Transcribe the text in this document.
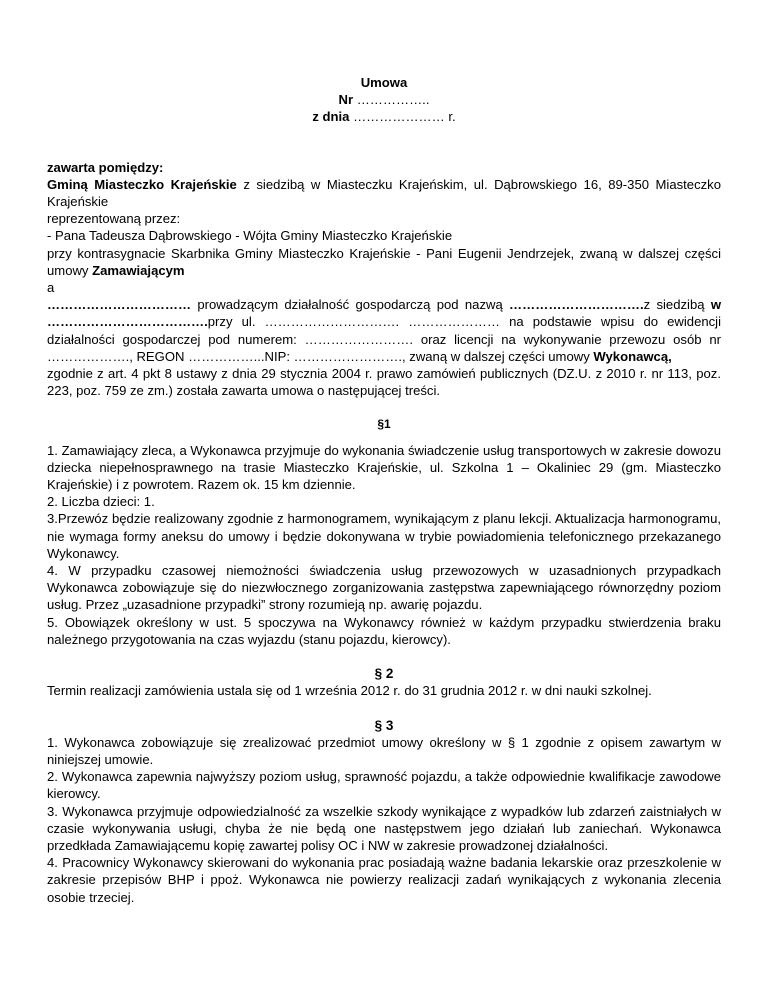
Umowa

Nr ……………..

z dnia ………………… r.

zawarta pomiędzy:

Gminą Miasteczko Krajeńskie z siedzibą w Miasteczku Krajeńskim, ul. Dąbrowskiego 16, 89-350 Miasteczko Krajeńskie

reprezentowaną przez:

- Pana Tadeusza Dąbrowskiego - Wójta Gminy Miasteczko Krajeńskie

przy kontrasygnacie Skarbnika Gminy Miasteczko Krajeńskie - Pani Eugenii Jendrzejek, zwaną w dalszej części umowy Zamawiającym

a

…………………………… prowadzącym działalność gospodarczą pod nazwą ………………………….z siedzibą w ……………………………….przy ul. …………………………. ………………… na podstawie wpisu do ewidencji działalności gospodarczej pod numerem: ……………………. oraz licencji na wykonywanie przewozu osób nr ………………., REGON ……………...NIP: ……………………., zwaną w dalszej części umowy Wykonawcą,

zgodnie z art. 4 pkt 8 ustawy z dnia 29 stycznia 2004 r. prawo zamówień publicznych (DZ.U. z 2010 r. nr 113, poz. 223, poz. 759 ze zm.) została zawarta umowa o następującej treści.

§1

1. Zamawiający zleca, a Wykonawca przyjmuje do wykonania świadczenie usług transportowych w zakresie dowozu dziecka niepełnosprawnego na trasie Miasteczko Krajeńskie, ul. Szkolna 1 – Okaliniec 29 (gm. Miasteczko Krajeńskie) i z powrotem. Razem ok. 15 km dziennie.

2. Liczba dzieci: 1.

3.Przewóz będzie realizowany zgodnie z harmonogramem, wynikającym z planu lekcji. Aktualizacja harmonogramu, nie wymaga formy aneksu do umowy i będzie dokonywana w trybie powiadomienia telefonicznego przekazanego Wykonawcy.

4. W przypadku czasowej niemożności świadczenia usług przewozowych w uzasadnionych przypadkach Wykonawca zobowiązuje się do niezwłocznego zorganizowania zastępstwa zapewniającego równorzędny poziom usług. Przez „uzasadnione przypadki” strony rozumieją np. awarię pojazdu.

5. Obowiązek określony w ust. 5 spoczywa na Wykonawcy również w każdym przypadku stwierdzenia braku należnego przygotowania na czas wyjazdu (stanu pojazdu, kierowcy).

§ 2

Termin realizacji zamówienia ustala się od 1 września 2012 r. do 31 grudnia 2012 r. w dni nauki szkolnej.

§ 3

1. Wykonawca zobowiązuje się zrealizować przedmiot umowy określony w § 1 zgodnie z opisem zawartym w niniejszej umowie.

2. Wykonawca zapewnia najwyższy poziom usług, sprawność pojazdu, a także odpowiednie kwalifikacje zawodowe kierowcy.

3. Wykonawca przyjmuje odpowiedzialność za wszelkie szkody wynikające z wypadków lub zdarzeń zaistniałych w czasie wykonywania usługi, chyba że nie będą one następstwem jego działań lub zaniechań. Wykonawca przedkłada Zamawiającemu kopię zawartej polisy OC i NW w zakresie prowadzonej działalności.

4. Pracownicy Wykonawcy skierowani do wykonania prac posiadają ważne badania lekarskie oraz przeszkolenie w zakresie przepisów BHP i ppoż. Wykonawca nie powierzy realizacji zadań wynikających z wykonania zlecenia osobie trzeciej.
